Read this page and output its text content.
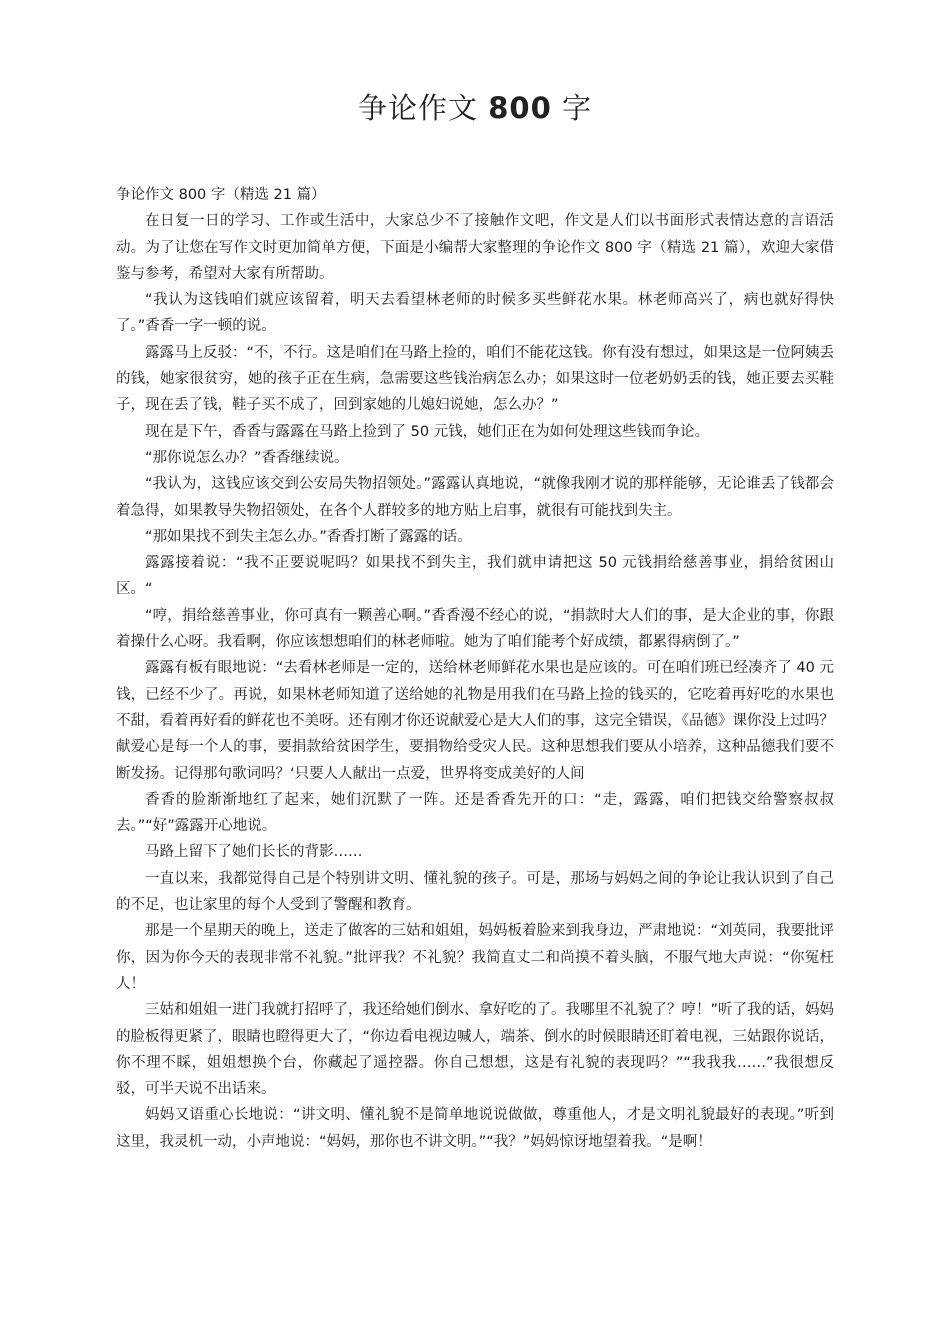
争论作文 800 字

争论作文 800 字（精选 21 篇）

在日复一日的学习、工作或生活中，大家总少不了接触作文吧，作文是人们以书面形式表情达意的言语活动。为了让您在写作文时更加简单方便，下面是小编帮大家整理的争论作文 800 字（精选 21 篇），欢迎大家借鉴与参考，希望对大家有所帮助。

“我认为这钱咱们就应该留着，明天去看望林老师的时候多买些鲜花水果。林老师高兴了，病也就好得快了。”香香一字一顿的说。

露露马上反驳：“不，不行。这是咱们在马路上捡的，咱们不能花这钱。你有没有想过，如果这是一位阿姨丢的钱，她家很贫穷，她的孩子正在生病，急需要这些钱治病怎么办；如果这时一位老奶奶丢的钱，她正要去买鞋子，现在丢了钱，鞋子买不成了，回到家她的儿媳妇说她，怎么办？”

现在是下午，香香与露露在马路上捡到了 50 元钱，她们正在为如何处理这些钱而争论。

“那你说怎么办？”香香继续说。

“我认为，这钱应该交到公安局失物招领处。”露露认真地说，“就像我刚才说的那样能够，无论谁丢了钱都会着急得，如果教导失物招领处，在各个人群较多的地方贴上启事，就很有可能找到失主。

“那如果找不到失主怎么办。”香香打断了露露的话。

露露接着说：“我不正要说呢吗？如果找不到失主，我们就申请把这 50 元钱捐给慈善事业，捐给贫困山区。“

“哼，捐给慈善事业，你可真有一颗善心啊。”香香漫不经心的说，“捐款时大人们的事，是大企业的事，你跟着操什么心呀。我看啊，你应该想想咱们的林老师啦。她为了咱们能考个好成绩，都累得病倒了。”

露露有板有眼地说：“去看林老师是一定的，送给林老师鲜花水果也是应该的。可在咱们班已经凑齐了 40 元钱，已经不少了。再说，如果林老师知道了送给她的礼物是用我们在马路上捡的钱买的，它吃着再好吃的水果也不甜，看着再好看的鲜花也不美呀。还有刚才你还说献爱心是大人们的事，这完全错误，《品德》课你没上过吗？献爱心是每一个人的事，要捐款给贫困学生，要捐物给受灾人民。这种思想我们要从小培养，这种品德我们要不断发扬。记得那句歌词吗？‘只要人人献出一点爱，世界将变成美好的人间

香香的脸渐渐地红了起来，她们沉默了一阵。还是香香先开的口：“走，露露，咱们把钱交给警察叔叔去。”“好”露露开心地说。

马路上留下了她们长长的背影……

一直以来，我都觉得自己是个特别讲文明、懂礼貌的孩子。可是，那场与妈妈之间的争论让我认识到了自己的不足，也让家里的每个人受到了警醒和教育。

那是一个星期天的晚上，送走了做客的三姑和姐姐，妈妈板着脸来到我身边，严肃地说：“刘英同，我要批评你，因为你今天的表现非常不礼貌。”批评我？不礼貌？我简直丈二和尚摸不着头脑，不服气地大声说：“你冤枉人！

三姑和姐姐一进门我就打招呼了，我还给她们倒水、拿好吃的了。我哪里不礼貌了？哼！”听了我的话，妈妈的脸板得更紧了，眼睛也瞪得更大了，“你边看电视边喊人，端茶、倒水的时候眼睛还盯着电视，三姑跟你说话，你不理不睬，姐姐想换个台，你藏起了遥控器。你自己想想，这是有礼貌的表现吗？”“我我我……”我很想反驳，可半天说不出话来。

妈妈又语重心长地说：“讲文明、懂礼貌不是简单地说说做做，尊重他人，才是文明礼貌最好的表现。”听到这里，我灵机一动，小声地说：“妈妈，那你也不讲文明。”“我？”妈妈惊讶地望着我。“是啊！
